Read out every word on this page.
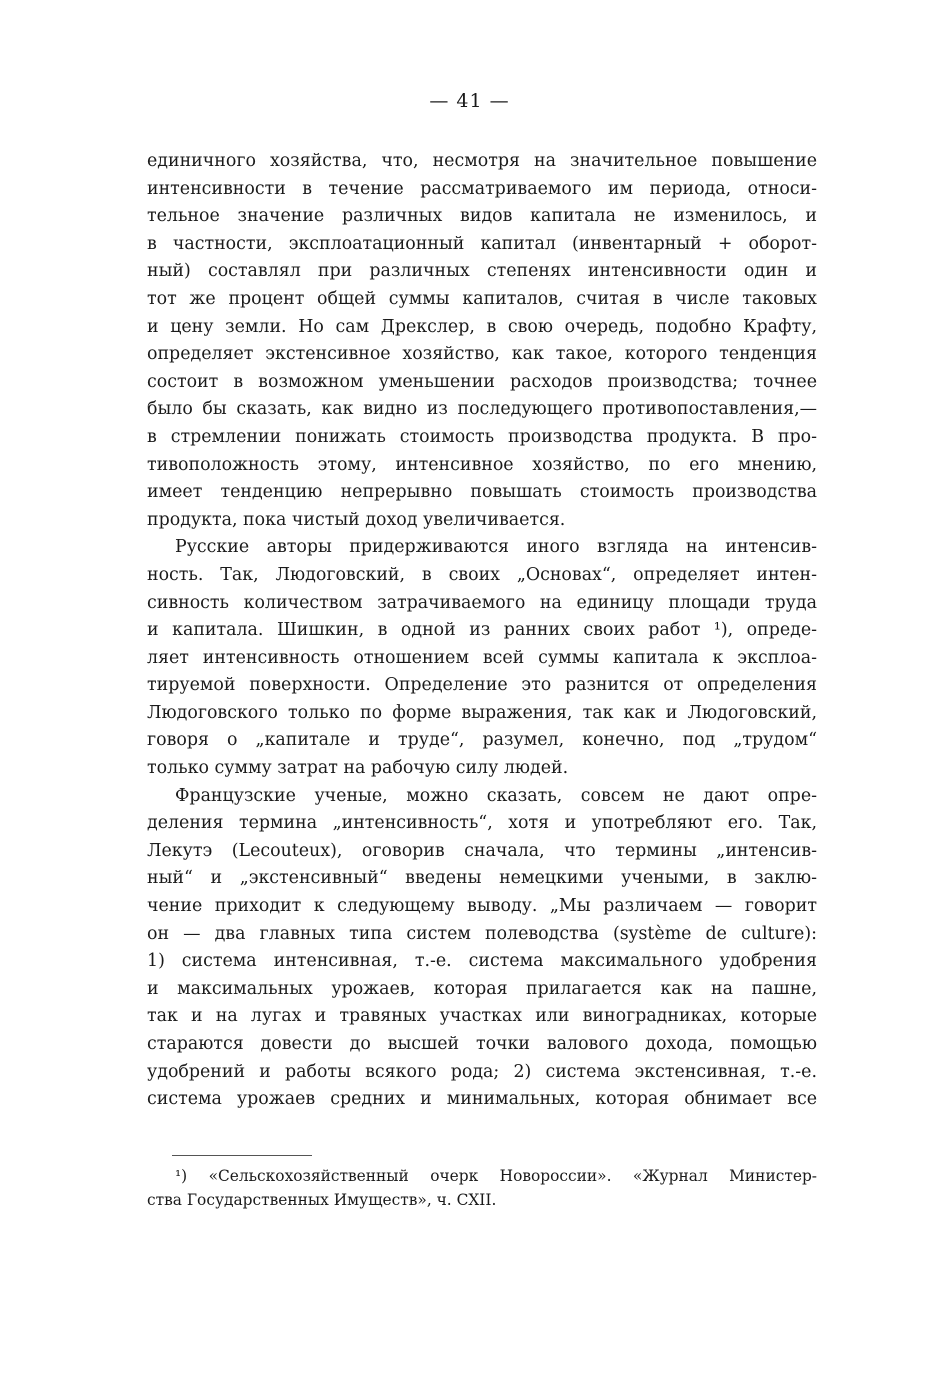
— 41 —

единичного хозяйства, что, несмотря на значительное повышение
интенсивности в течение рассматриваемого им периода, относи-
тельное значение различных видов капитала не изменилось, и
в частности, эксплоатационный капитал (инвентарный + оборот-
ный) составлял при различных степенях интенсивности один и
тот же процент общей суммы капиталов, считая в числе таковых
и цену земли. Но сам Дрекслер, в свою очередь, подобно Крафту,
определяет экстенсивное хозяйство, как такое, которого тенденция
состоит в возможном уменьшении расходов производства; точнее
было бы сказать, как видно из последующего противопоставления,—
в стремлении понижать стоимость производства продукта. В про-
тивоположность этому, интенсивное хозяйство, по его мнению,
имеет тенденцию непрерывно повышать стоимость производства
продукта, пока чистый доход увеличивается.

Русские авторы придерживаются иного взгляда на интенсив-
ность. Так, Людоговский, в своих „Основах“, определяет интен-
сивность количеством затрачиваемого на единицу площади труда
и капитала. Шишкин, в одной из ранних своих работ ¹), опреде-
ляет интенсивность отношением всей суммы капитала к эксплоа-
тируемой поверхности. Определение это разнится от определения
Людоговского только по форме выражения, так как и Людоговский,
говоря о „капитале и труде“, разумел, конечно, под „трудом“
только сумму затрат на рабочую силу людей.

Французские ученые, можно сказать, совсем не дают опре-
деления термина „интенсивность“, хотя и употребляют его. Так,
Лекутэ (Lecouteux), оговорив сначала, что термины „интенсив-
ный“ и „экстенсивный“ введены немецкими учеными, в заклю-
чение приходит к следующему выводу. „Мы различаем — говорит
он — два главных типа систем полеводства (système de culture):
1) система интенсивная, т.-е. система максимального удобрения
и максимальных урожаев, которая прилагается как на пашне,
так и на лугах и травяных участках или виноградниках, которые
стараются довести до высшей точки валового дохода, помощью
удобрений и работы всякого рода; 2) система экстенсивная, т.-е.
система урожаев средних и минимальных, которая обнимает все

¹) «Сельскохозяйственный очерк Новороссии». «Журнал Министер-
ства Государственных Имуществ», ч. CXII.
